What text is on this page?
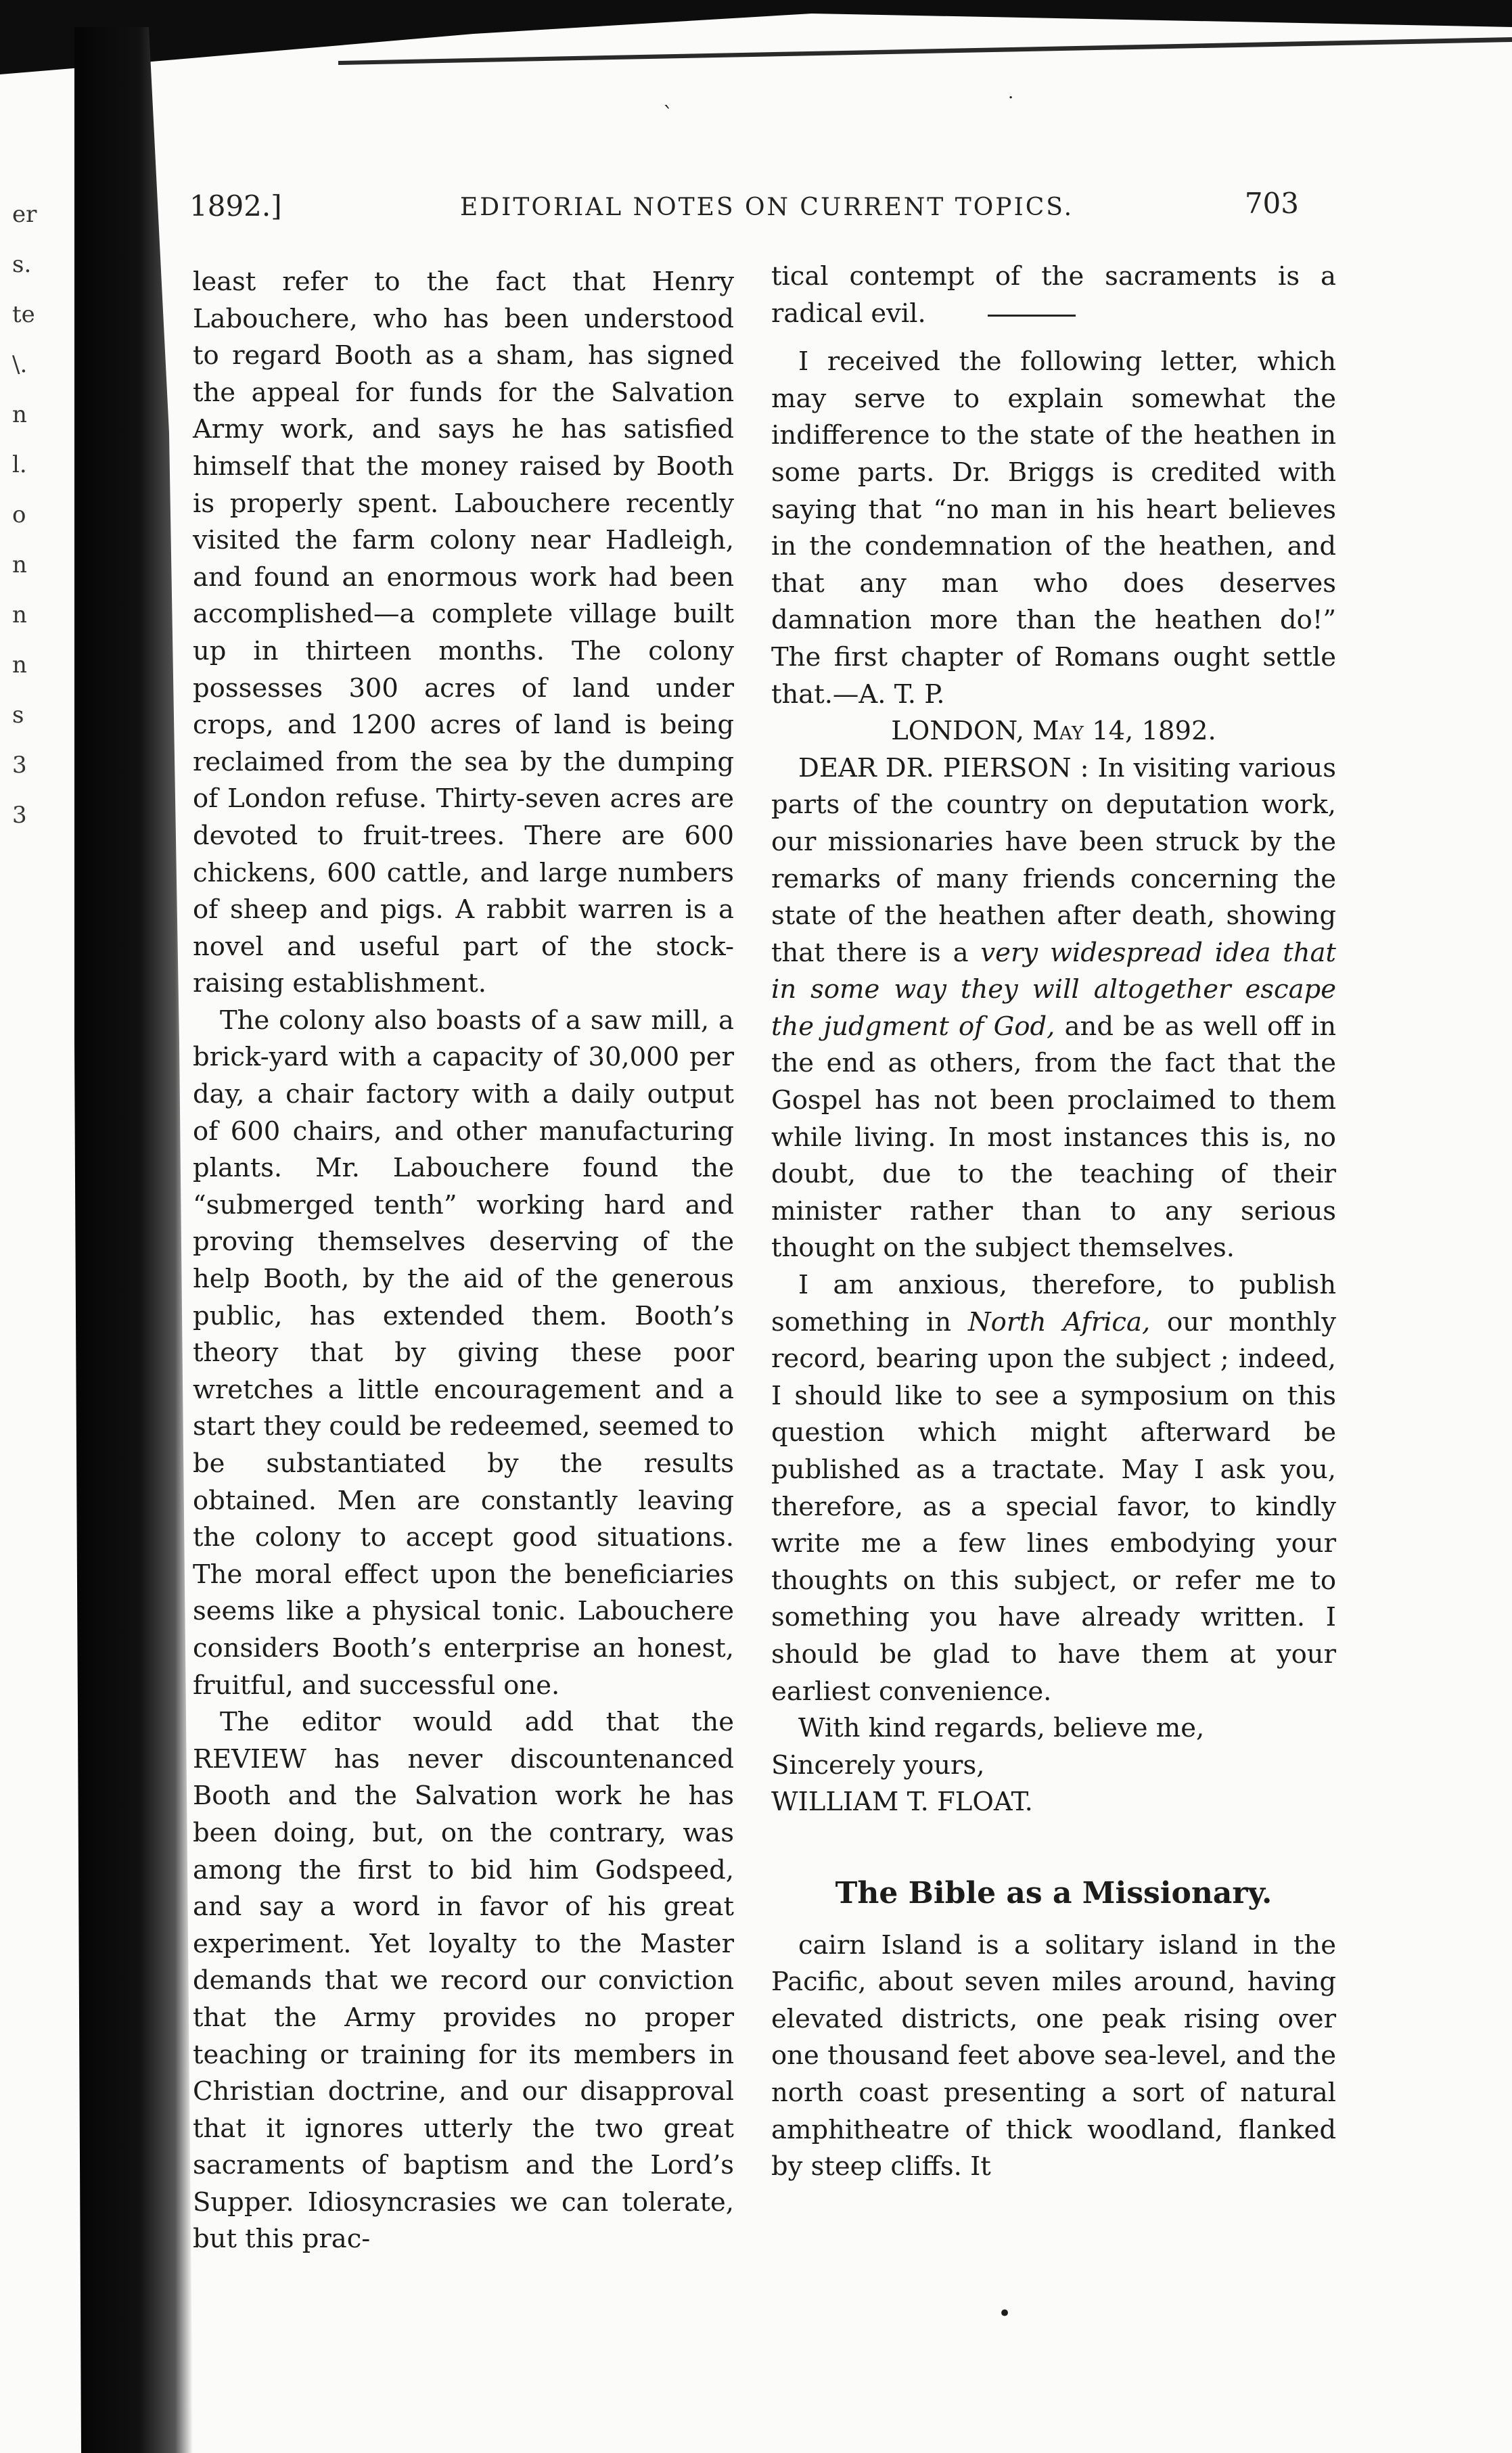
er
s.
te
\.
n
l.
o
n
n
n
s
3
3
1892.]	EDITORIAL NOTES ON CURRENT TOPICS.	703

least refer to the fact that Henry Labouchere, who has been understood to regard Booth as a sham, has signed the appeal for funds for the Salvation Army work, and says he has satisfied himself that the money raised by Booth is properly spent. Labouchere recently visited the farm colony near Hadleigh, and found an enormous work had been accomplished—a complete village built up in thirteen months. The colony possesses 300 acres of land under crops, and 1200 acres of land is being reclaimed from the sea by the dumping of London refuse. Thirty-seven acres are devoted to fruit-trees. There are 600 chickens, 600 cattle, and large numbers of sheep and pigs. A rabbit warren is a novel and useful part of the stock-raising establishment.

The colony also boasts of a saw mill, a brick-yard with a capacity of 30,000 per day, a chair factory with a daily output of 600 chairs, and other manufacturing plants. Mr. Labouchere found the “submerged tenth” working hard and proving themselves deserving of the help Booth, by the aid of the generous public, has extended them. Booth’s theory that by giving these poor wretches a little encouragement and a start they could be redeemed, seemed to be substantiated by the results obtained. Men are constantly leaving the colony to accept good situations. The moral effect upon the beneficiaries seems like a physical tonic. Labouchere considers Booth’s enterprise an honest, fruitful, and successful one.

The editor would add that the REVIEW has never discountenanced Booth and the Salvation work he has been doing, but, on the contrary, was among the first to bid him Godspeed, and say a word in favor of his great experiment. Yet loyalty to the Master demands that we record our conviction that the Army provides no proper teaching or training for its members in Christian doctrine, and our disapproval that it ignores utterly the two great sacraments of baptism and the Lord’s Supper. Idiosyncrasies we can tolerate, but this prac-

tical contempt of the sacraments is a radical evil.

I received the following letter, which may serve to explain somewhat the indifference to the state of the heathen in some parts. Dr. Briggs is credited with saying that “no man in his heart believes in the condemnation of the heathen, and that any man who does deserves damnation more than the heathen do!” The first chapter of Romans ought settle that.—A. T. P.

LONDON, May 14, 1892.

DEAR DR. PIERSON : In visiting various parts of the country on deputation work, our missionaries have been struck by the remarks of many friends concerning the state of the heathen after death, showing that there is a very widespread idea that in some way they will altogether escape the judgment of God, and be as well off in the end as others, from the fact that the Gospel has not been proclaimed to them while living. In most instances this is, no doubt, due to the teaching of their minister rather than to any serious thought on the subject themselves.

I am anxious, therefore, to publish something in North Africa, our monthly record, bearing upon the subject ; indeed, I should like to see a symposium on this question which might afterward be published as a tractate. May I ask you, therefore, as a special favor, to kindly write me a few lines embodying your thoughts on this subject, or refer me to something you have already written. I should be glad to have them at your earliest convenience.

With kind regards, believe me,

Sincerely yours,

WILLIAM T. FLOAT.

The Bible as a Missionary.

cairn Island is a solitary island in the Pacific, about seven miles around, having elevated districts, one peak rising over one thousand feet above sea-level, and the north coast presenting a sort of natural amphitheatre of thick woodland, flanked by steep cliffs. It

`
·
•
